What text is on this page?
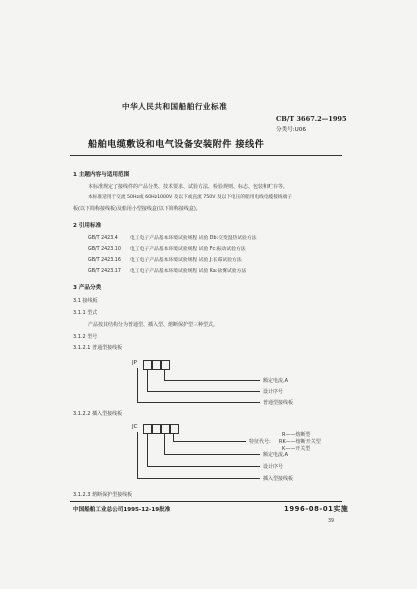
中华人民共和国船舶行业标准
CB/T 3667.2—1995
分类号:U06
船舶电缆敷设和电气设备安装附件 接线件
1 主题内容与适用范围
本标准规定了接线件的产品分类、技术要求、试验方法、检验规则、标志、包装和贮存等。
本标准适用于交流 50Hz或 60Hz1000V 及以下或直流 750V 及以下电压的船用电线电缆接线端子
板(以下简称接线板)及船用小型接线盒(以下简称接线盒)。
2 引用标准
GB/T 2423.4	电工电子产品基本环境试验规程 试验 Db:交变湿热试验方法
GB/T 2423.10 电工电子产品基本环境试验规程 试验 Fc:振动试验方法
GB/T 2423.16 电工电子产品基本环境试验规程 试验 J:长霉试验方法
GB/T 2423.17 电工电子产品基本环境试验规程 试验 Ka:盐雾试验方法
3 产品分类
3.1 接线板
3.1.1 型式
产品按其结构分为普通型、插入型、熔断保护型三种型式。
3.1.2 型号
3.1.2.1 普通型接线板
JP
额定电流,A
设计序号
普通型接线板
3.1.2.2 插入型接线板
JC
特征代号:
R——熔断型
RK——熔断开关型
K——开关型
额定电流,A
设计序号
插入型接线板
3.1.2.3 熔断保护型接线板
中国船舶工业总公司1995-12-19批准	1996-08-01实施
39
